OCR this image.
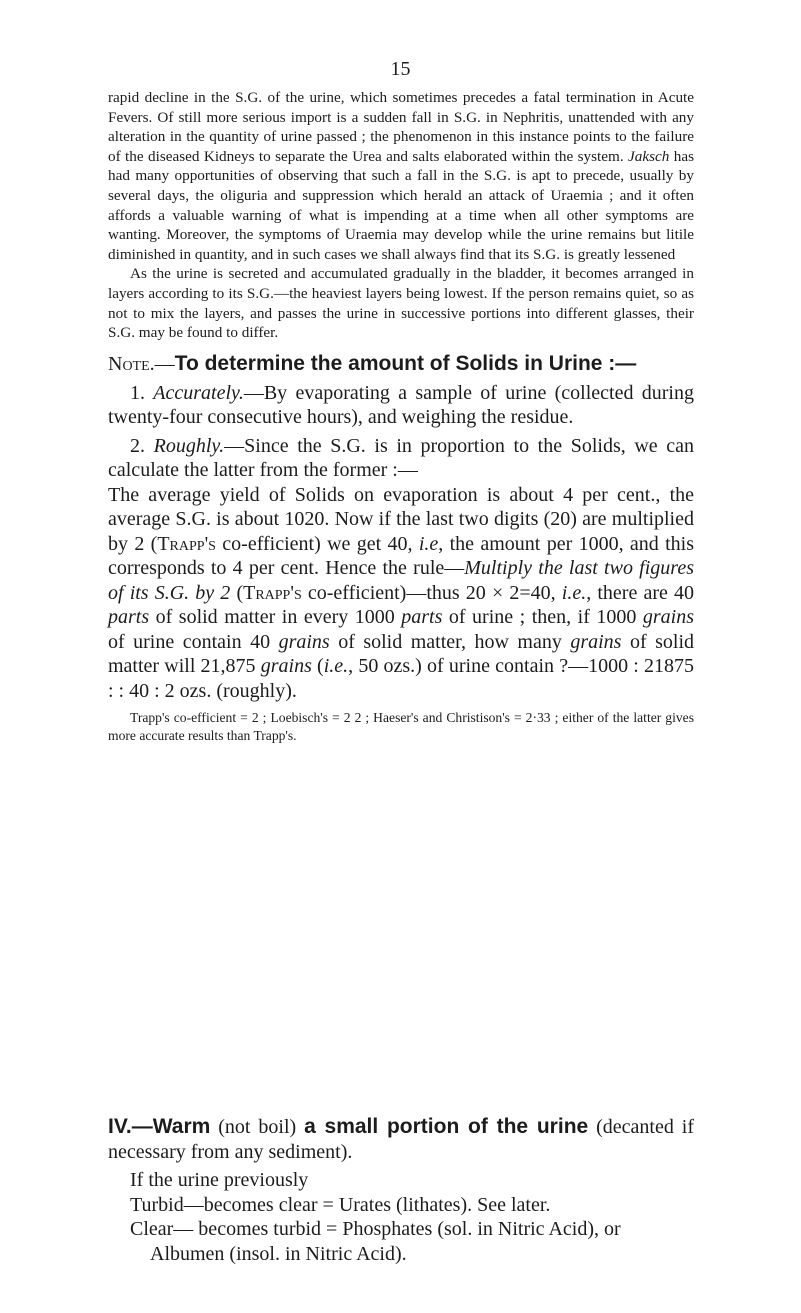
15

rapid decline in the S.G. of the urine, which sometimes precedes a fatal termination in Acute Fevers. Of still more serious import is a sudden fall in S.G. in Nephritis, unattended with any alteration in the quantity of urine passed ; the phenomenon in this instance points to the failure of the diseased Kidneys to separate the Urea and salts elaborated within the system. Jaksch has had many opportunities of observing that such a fall in the S.G. is apt to precede, usually by several days, the oliguria and suppression which herald an attack of Uraemia ; and it often affords a valuable warning of what is impending at a time when all other symptoms are wanting. Moreover, the symptoms of Uraemia may develop while the urine remains but litile diminished in quantity, and in such cases we shall always find that its S.G. is greatly lessened

As the urine is secreted and accumulated gradually in the bladder, it becomes arranged in layers according to its S.G.—the heaviest layers being lowest. If the person remains quiet, so as not to mix the layers, and passes the urine in successive portions into different glasses, their S.G. may be found to differ.

Note.—To determine the amount of Solids in Urine :—

1. Accurately.—By evaporating a sample of urine (collected during twenty-four consecutive hours), and weighing the residue.

2. Roughly.—Since the S.G. is in proportion to the Solids, we can calculate the latter from the former :—

The average yield of Solids on evaporation is about 4 per cent., the average S.G. is about 1020. Now if the last two digits (20) are multiplied by 2 (Trapp's co-efficient) we get 40, i.e, the amount per 1000, and this corresponds to 4 per cent. Hence the rule—Multiply the last two figures of its S.G. by 2 (Trapp's co-efficient)—thus 20 × 2=40, i.e., there are 40 parts of solid matter in every 1000 parts of urine ; then, if 1000 grains of urine contain 40 grains of solid matter, how many grains of solid matter will 21,875 grains (i.e., 50 ozs.) of urine contain ?—1000 : 21875 : : 40 : 2 ozs. (roughly).

Trapp's co-efficient = 2 ; Loebisch's = 2 2 ; Haeser's and Christison's = 2·33 ; either of the latter gives more accurate results than Trapp's.

IV.—Warm (not boil) a small portion of the urine (decanted if necessary from any sediment).

If the urine previously
Turbid—becomes clear = Urates (lithates). See later.
Clear— becomes turbid = Phosphates (sol. in Nitric Acid), or Albumen (insol. in Nitric Acid).
